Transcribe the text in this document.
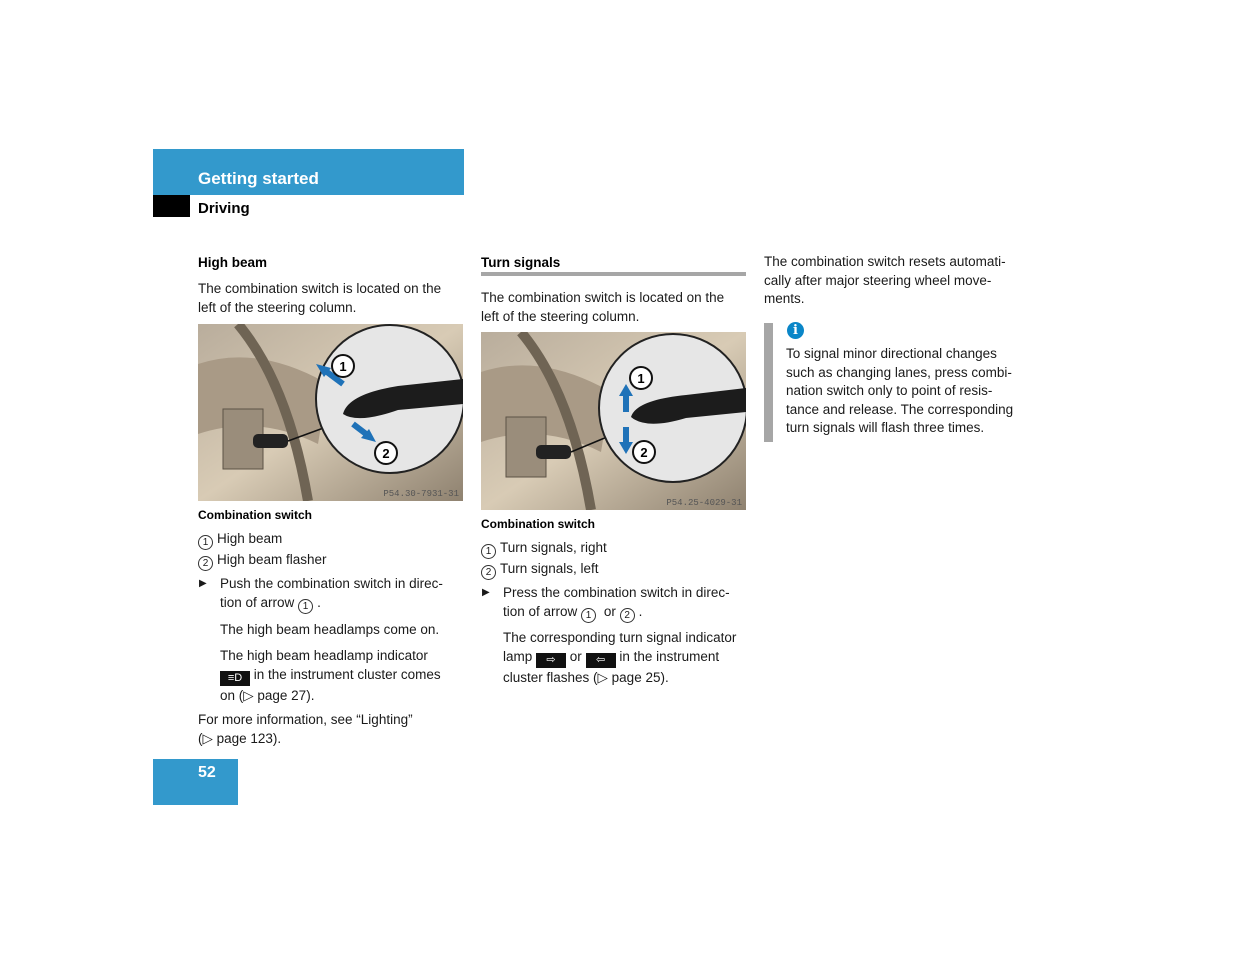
Getting started
Driving
High beam
The combination switch is located on the
left of the steering column.
1
2
P54.30-7931-31
Combination switch
1 High beam
2 High beam flasher
▶ Push the combination switch in direc-
tion of arrow 1 .
The high beam headlamps come on.
The high beam headlamp indicator
≡D in the instrument cluster comes
on (▷ page 27).
For more information, see “Lighting”
(▷ page 123).
Turn signals
The combination switch is located on the
left of the steering column.
1
2
P54.25-4029-31
Combination switch
1 Turn signals, right
2 Turn signals, left
▶ Press the combination switch in direc-
tion of arrow 1 or 2 .
The corresponding turn signal indicator
lamp ⇨ or ⇦ in the instrument
cluster flashes (▷ page 25).
The combination switch resets automati-
cally after major steering wheel move-
ments.
i
To signal minor directional changes
such as changing lanes, press combi-
nation switch only to point of resis-
tance and release. The corresponding
turn signals will flash three times.
52
